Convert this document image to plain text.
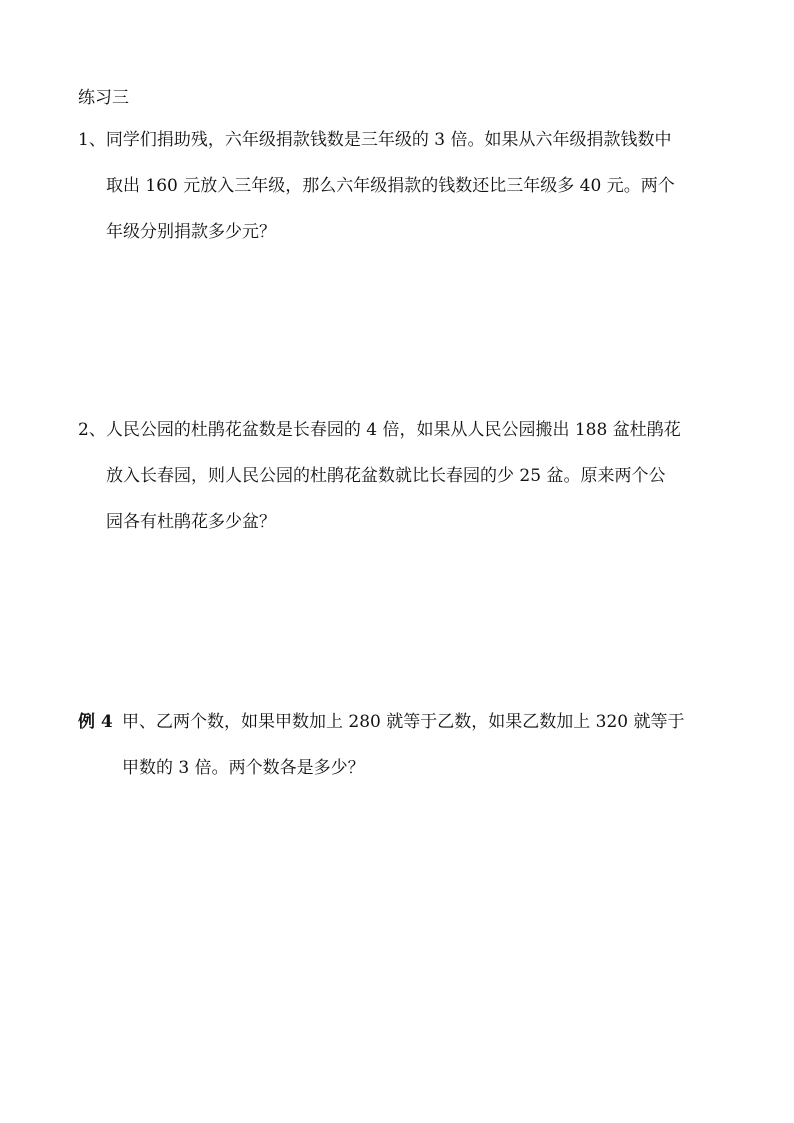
练习三
1、同学们捐助残，六年级捐款钱数是三年级的 3 倍。如果从六年级捐款钱数中
取出 160 元放入三年级，那么六年级捐款的钱数还比三年级多 40 元。两个
年级分别捐款多少元？
2、人民公园的杜鹃花盆数是长春园的 4 倍，如果从人民公园搬出 188 盆杜鹃花
放入长春园，则人民公园的杜鹃花盆数就比长春园的少 25 盆。原来两个公
园各有杜鹃花多少盆？
例 4 甲、乙两个数，如果甲数加上 280 就等于乙数，如果乙数加上 320 就等于
甲数的 3 倍。两个数各是多少？
